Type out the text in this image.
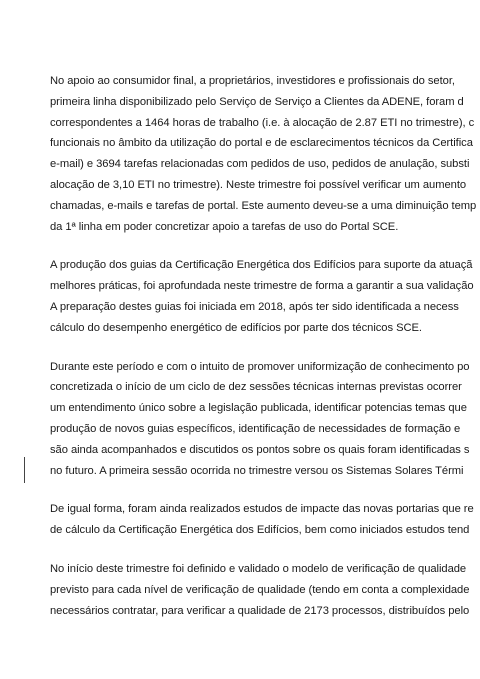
No apoio ao consumidor final, a proprietários, investidores e profissionais do setor,
primeira linha disponibilizado pelo Serviço de Serviço a Clientes da ADENE, foram d
correspondentes a 1464 horas de trabalho (i.e. à alocação de 2.87 ETI no trimestre), c
funcionais no âmbito da utilização do portal e de esclarecimentos técnicos da Certifica
e-mail) e 3694 tarefas relacionadas com pedidos de uso, pedidos de anulação, substi
alocação de 3,10 ETI no trimestre). Neste trimestre foi possível verificar um aumento
chamadas, e-mails e tarefas de portal. Este aumento deveu-se a uma diminuição temp
da 1ª linha em poder concretizar apoio a tarefas de uso do Portal SCE.
A produção dos guias da Certificação Energética dos Edifícios para suporte da atuaçã
melhores práticas, foi aprofundada neste trimestre de forma a garantir a sua validação
A preparação destes guias foi iniciada em 2018, após ter sido identificada a necess
cálculo do desempenho energético de edifícios por parte dos técnicos SCE.
Durante este período e com o intuito de promover uniformização de conhecimento po
concretizada o início de um ciclo de dez sessões técnicas internas previstas ocorrer
um entendimento único sobre a legislação publicada, identificar potencias temas que
produção de novos guias específicos, identificação de necessidades de formação e
são ainda acompanhados e discutidos os pontos sobre os quais foram identificadas s
no futuro. A primeira sessão ocorrida no trimestre versou os Sistemas Solares Térmi
De igual forma, foram ainda realizados estudos de impacte das novas portarias que re
de cálculo da Certificação Energética dos Edifícios, bem como iniciados estudos tend
No início deste trimestre foi definido e validado o modelo de verificação de qualidade
previsto para cada nível de verificação de qualidade (tendo em conta a complexidade
necessários contratar, para verificar a qualidade de 2173 processos, distribuídos pelo
